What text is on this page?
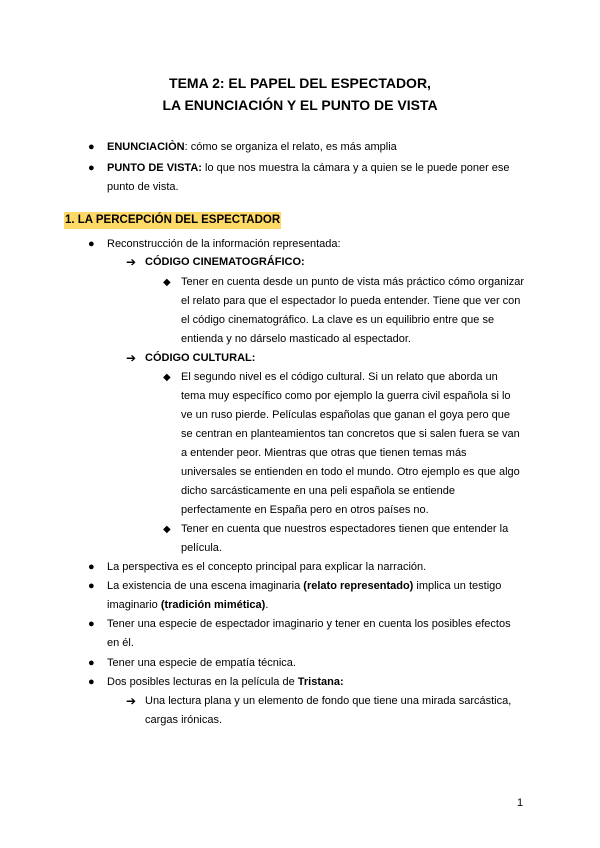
TEMA 2: EL PAPEL DEL ESPECTADOR,
LA ENUNCIACIÓN Y EL PUNTO DE VISTA
● ENUNCIACIÒN: cómo se organiza el relato, es más amplia
● PUNTO DE VISTA: lo que nos muestra la cámara y a quien se le puede poner ese
punto de vista.
1. LA PERCEPCIÓN DEL ESPECTADOR
● Reconstrucción de la información representada:
➔ CÓDIGO CINEMATOGRÁFICO:
◆ Tener en cuenta desde un punto de vista más práctico cómo organizar
el relato para que el espectador lo pueda entender. Tiene que ver con
el código cinematográfico. La clave es un equilibrio entre que se
entienda y no dárselo masticado al espectador.
➔ CÓDIGO CULTURAL:
◆ El segundo nivel es el código cultural. Si un relato que aborda un
tema muy específico como por ejemplo la guerra civil española si lo
ve un ruso pierde. Películas españolas que ganan el goya pero que
se centran en planteamientos tan concretos que si salen fuera se van
a entender peor. Mientras que otras que tienen temas más
universales se entienden en todo el mundo. Otro ejemplo es que algo
dicho sarcásticamente en una peli española se entiende
perfectamente en España pero en otros países no.
◆ Tener en cuenta que nuestros espectadores tienen que entender la
película.
● La perspectiva es el concepto principal para explicar la narración.
● La existencia de una escena imaginaria (relato representado) implica un testigo
imaginario (tradición mimética).
● Tener una especie de espectador imaginario y tener en cuenta los posibles efectos
en él.
● Tener una especie de empatía técnica.
● Dos posibles lecturas en la película de Tristana:
➔ Una lectura plana y un elemento de fondo que tiene una mirada sarcástica,
cargas irónicas.
1
